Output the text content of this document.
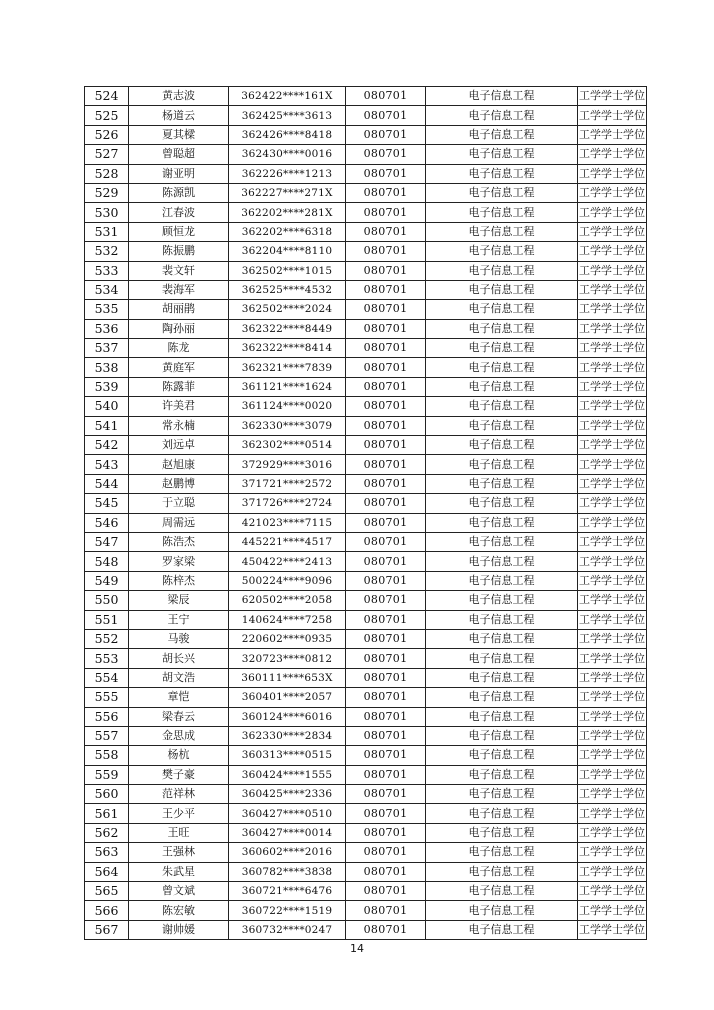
524	黄志波	362422****161X	080701	电子信息工程	工学学士学位
525	杨道云	362425****3613	080701	电子信息工程	工学学士学位
526	夏其樑	362426****8418	080701	电子信息工程	工学学士学位
527	曾聪超	362430****0016	080701	电子信息工程	工学学士学位
528	谢亚明	362226****1213	080701	电子信息工程	工学学士学位
529	陈源凯	362227****271X	080701	电子信息工程	工学学士学位
530	江春波	362202****281X	080701	电子信息工程	工学学士学位
531	顾恒龙	362202****6318	080701	电子信息工程	工学学士学位
532	陈振鹏	362204****8110	080701	电子信息工程	工学学士学位
533	裴文轩	362502****1015	080701	电子信息工程	工学学士学位
534	裴海军	362525****4532	080701	电子信息工程	工学学士学位
535	胡丽鹃	362502****2024	080701	电子信息工程	工学学士学位
536	陶孙丽	362322****8449	080701	电子信息工程	工学学士学位
537	陈龙	362322****8414	080701	电子信息工程	工学学士学位
538	黄庭军	362321****7839	080701	电子信息工程	工学学士学位
539	陈露菲	361121****1624	080701	电子信息工程	工学学士学位
540	许美君	361124****0020	080701	电子信息工程	工学学士学位
541	常永楠	362330****3079	080701	电子信息工程	工学学士学位
542	刘远卓	362302****0514	080701	电子信息工程	工学学士学位
543	赵旭康	372929****3016	080701	电子信息工程	工学学士学位
544	赵鹏博	371721****2572	080701	电子信息工程	工学学士学位
545	于立聪	371726****2724	080701	电子信息工程	工学学士学位
546	周需远	421023****7115	080701	电子信息工程	工学学士学位
547	陈浩杰	445221****4517	080701	电子信息工程	工学学士学位
548	罗家梁	450422****2413	080701	电子信息工程	工学学士学位
549	陈梓杰	500224****9096	080701	电子信息工程	工学学士学位
550	梁辰	620502****2058	080701	电子信息工程	工学学士学位
551	王宁	140624****7258	080701	电子信息工程	工学学士学位
552	马骏	220602****0935	080701	电子信息工程	工学学士学位
553	胡长兴	320723****0812	080701	电子信息工程	工学学士学位
554	胡文浩	360111****653X	080701	电子信息工程	工学学士学位
555	章恺	360401****2057	080701	电子信息工程	工学学士学位
556	梁春云	360124****6016	080701	电子信息工程	工学学士学位
557	金思成	362330****2834	080701	电子信息工程	工学学士学位
558	杨杭	360313****0515	080701	电子信息工程	工学学士学位
559	樊子豪	360424****1555	080701	电子信息工程	工学学士学位
560	范祥林	360425****2336	080701	电子信息工程	工学学士学位
561	王少平	360427****0510	080701	电子信息工程	工学学士学位
562	王旺	360427****0014	080701	电子信息工程	工学学士学位
563	王强林	360602****2016	080701	电子信息工程	工学学士学位
564	朱武星	360782****3838	080701	电子信息工程	工学学士学位
565	曾文斌	360721****6476	080701	电子信息工程	工学学士学位
566	陈宏敏	360722****1519	080701	电子信息工程	工学学士学位
567	谢帅媛	360732****0247	080701	电子信息工程	工学学士学位
14
